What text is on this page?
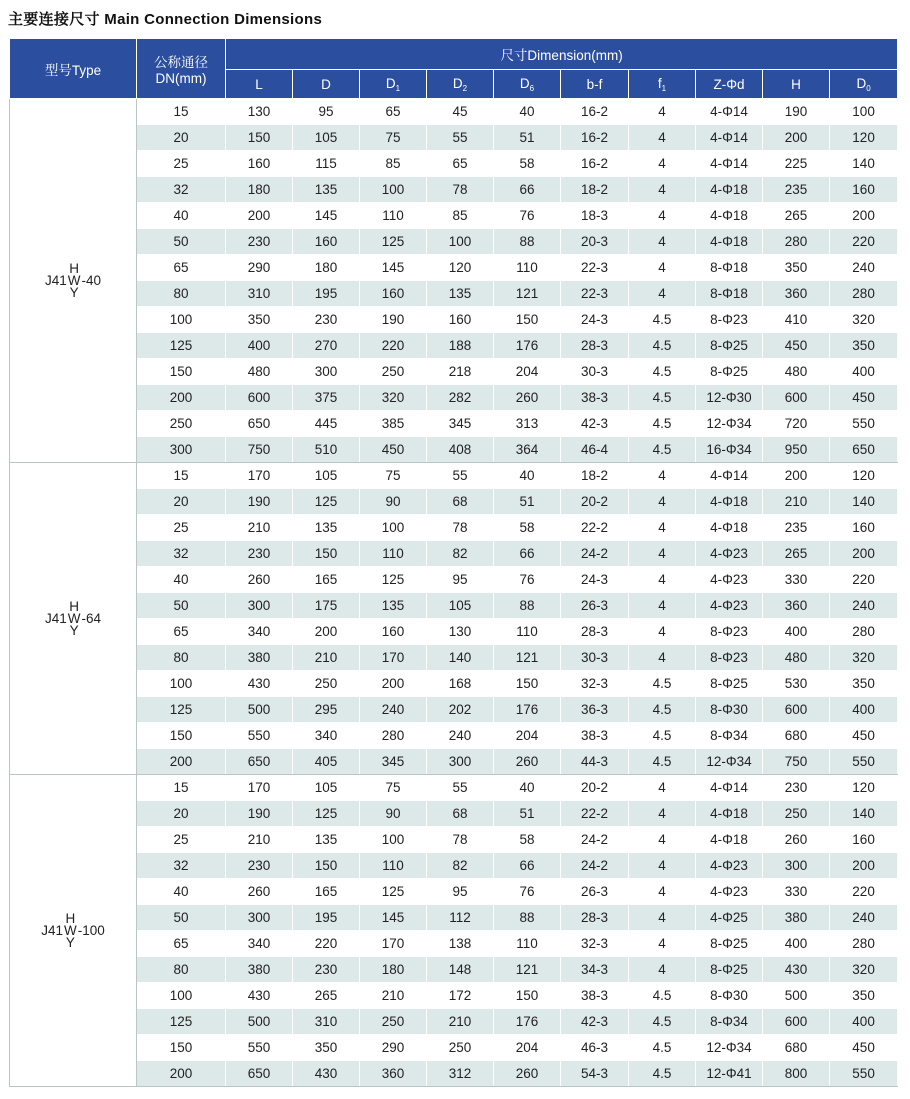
主要连接尺寸 Main Connection Dimensions
型号Type	公称通径
DN(mm)	尺寸Dimension(mm)									
		L	D	$D_1$	$D_2$	$D_6$	b-f	$f_1$	Z-Φd	H	$D_0$

J41
H
W
Y
-40	15	130	95	65	45	40	16-2	4	4-Φ14	190	100
	20	150	105	75	55	51	16-2	4	4-Φ14	200	120
	25	160	115	85	65	58	16-2	4	4-Φ14	225	140
	32	180	135	100	78	66	18-2	4	4-Φ18	235	160
	40	200	145	110	85	76	18-3	4	4-Φ18	265	200
	50	230	160	125	100	88	20-3	4	4-Φ18	280	220
	65	290	180	145	120	110	22-3	4	8-Φ18	350	240
	80	310	195	160	135	121	22-3	4	8-Φ18	360	280
	100	350	230	190	160	150	24-3	4.5	8-Φ23	410	320
	125	400	270	220	188	176	28-3	4.5	8-Φ25	450	350
	150	480	300	250	218	204	30-3	4.5	8-Φ25	480	400
	200	600	375	320	282	260	38-3	4.5	12-Φ30	600	450
	250	650	445	385	345	313	42-3	4.5	12-Φ34	720	550
	300	750	510	450	408	364	46-4	4.5	16-Φ34	950	650

J41
H
W
Y
-64	15	170	105	75	55	40	18-2	4	4-Φ14	200	120
	20	190	125	90	68	51	20-2	4	4-Φ18	210	140
	25	210	135	100	78	58	22-2	4	4-Φ18	235	160
	32	230	150	110	82	66	24-2	4	4-Φ23	265	200
	40	260	165	125	95	76	24-3	4	4-Φ23	330	220
	50	300	175	135	105	88	26-3	4	4-Φ23	360	240
	65	340	200	160	130	110	28-3	4	8-Φ23	400	280
	80	380	210	170	140	121	30-3	4	8-Φ23	480	320
	100	430	250	200	168	150	32-3	4.5	8-Φ25	530	350
	125	500	295	240	202	176	36-3	4.5	8-Φ30	600	400
	150	550	340	280	240	204	38-3	4.5	8-Φ34	680	450
	200	650	405	345	300	260	44-3	4.5	12-Φ34	750	550

J41
H
W
Y
-100	15	170	105	75	55	40	20-2	4	4-Φ14	230	120
	20	190	125	90	68	51	22-2	4	4-Φ18	250	140
	25	210	135	100	78	58	24-2	4	4-Φ18	260	160
	32	230	150	110	82	66	24-2	4	4-Φ23	300	200
	40	260	165	125	95	76	26-3	4	4-Φ23	330	220
	50	300	195	145	112	88	28-3	4	4-Φ25	380	240
	65	340	220	170	138	110	32-3	4	8-Φ25	400	280
	80	380	230	180	148	121	34-3	4	8-Φ25	430	320
	100	430	265	210	172	150	38-3	4.5	8-Φ30	500	350
	125	500	310	250	210	176	42-3	4.5	8-Φ34	600	400
	150	550	350	290	250	204	46-3	4.5	12-Φ34	680	450
	200	650	430	360	312	260	54-3	4.5	12-Φ41	800	550
